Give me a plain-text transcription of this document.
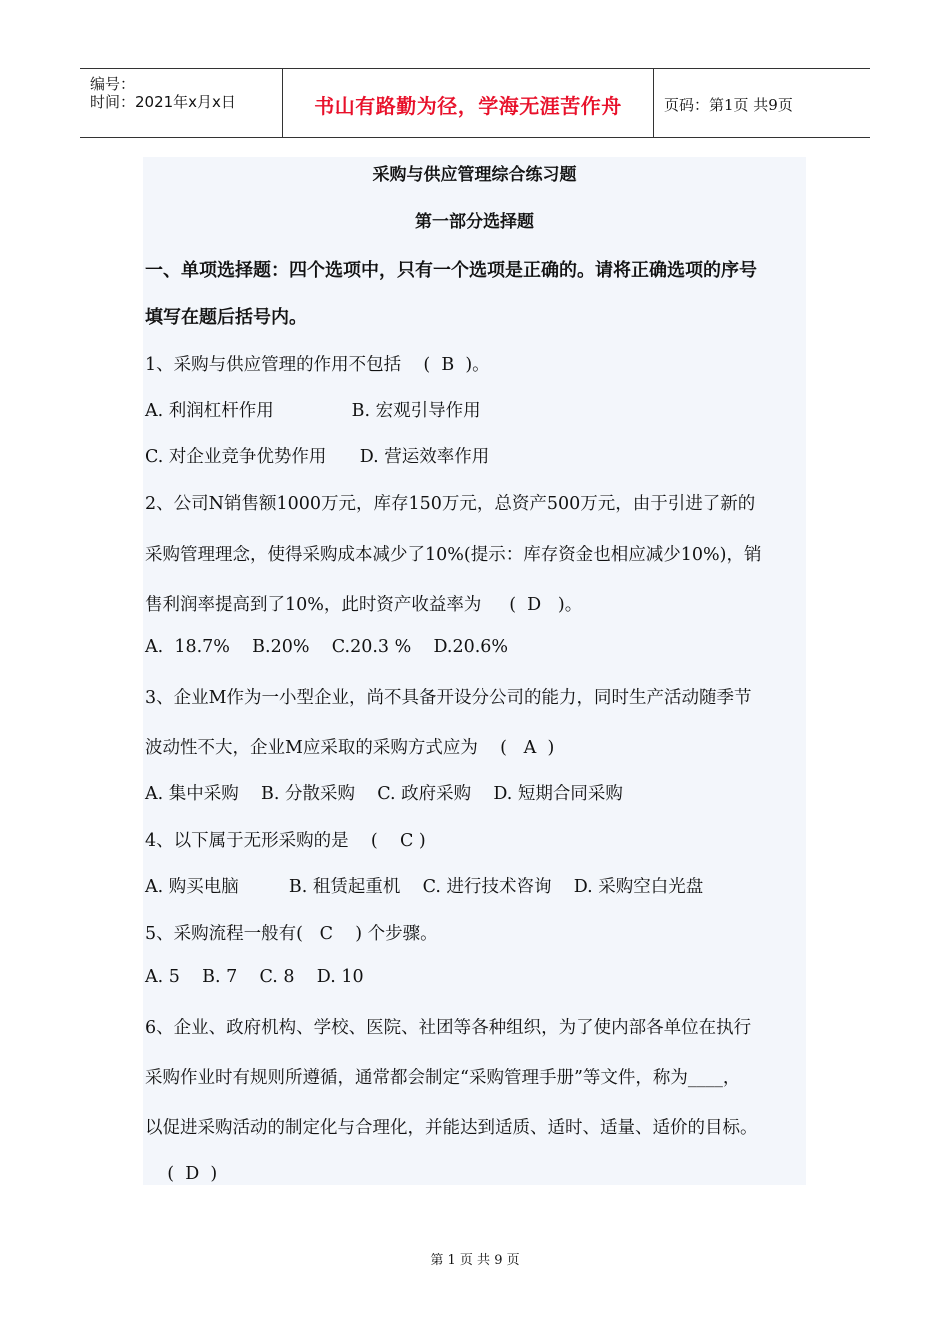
编号：
时间：2021年x月x日	书山有路勤为径，学海无涯苦作舟	页码：第1页 共9页
采购与供应管理综合练习题
第一部分选择题
一、单项选择题：四个选项中，只有一个选项是正确的。请将正确选项的序号
填写在题后括号内。
1、采购与供应管理的作用不包括    (  B  )。
A. 利润杠杆作用              B. 宏观引导作用
C. 对企业竞争优势作用      D. 营运效率作用
2、公司N销售额1000万元，库存150万元，总资产500万元，由于引进了新的
采购管理理念，使得采购成本减少了10%(提示：库存资金也相应减少10%)，销
售利润率提高到了10%，此时资产收益率为     (  D   )。
A.  18.7%    B.20%    C.20.3 %    D.20.6%
3、企业M作为一小型企业，尚不具备开设分公司的能力，同时生产活动随季节
波动性不大，企业M应采取的采购方式应为    (   A  )
A. 集中采购    B. 分散采购    C. 政府采购    D. 短期合同采购
4、以下属于无形采购的是    (    C )
A. 购买电脑         B. 租赁起重机    C. 进行技术咨询    D. 采购空白光盘
5、采购流程一般有(   C    ) 个步骤。
A. 5    B. 7    C. 8    D. 10
6、企业、政府机构、学校、医院、社团等各种组织，为了使内部各单位在执行
采购作业时有规则所遵循，通常都会制定“采购管理手册”等文件，称为____，
以促进采购活动的制定化与合理化，并能达到适质、适时、适量、适价的目标。
(  D  )
第 1 页 共 9 页
